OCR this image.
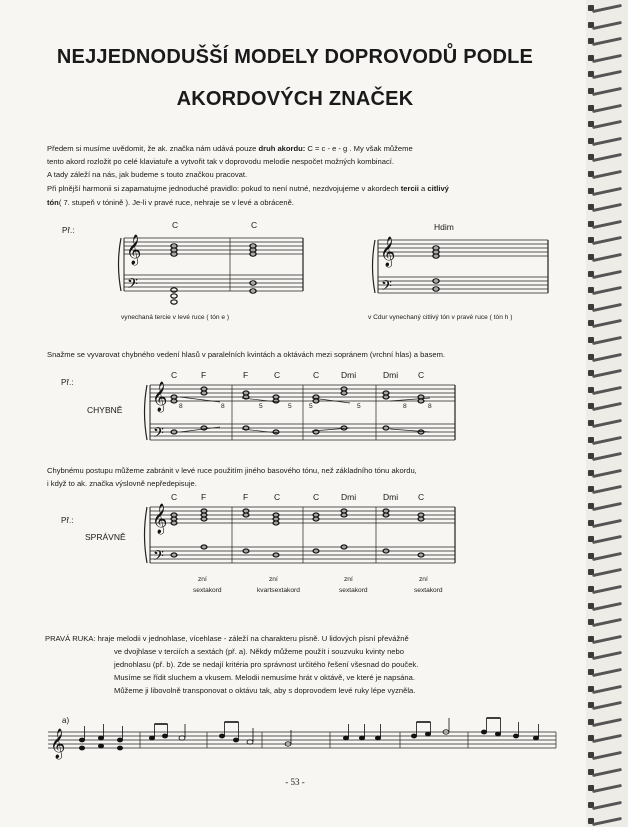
NEJJEDNODUŠŠÍ MODELY DOPROVODŮ PODLE
AKORDOVÝCH ZNAČEK
Předem si musíme uvědomit, že ak. značka nám udává pouze druh akordu: C = c - e - g . My však můžeme
tento akord rozložit po celé klaviatuře a vytvořit tak v doprovodu melodie nespočet možných kombinací.
A tady záleží na nás, jak budeme s touto značkou pracovat.
Při plnější harmonii si zapamatujme jednoduché pravidlo: pokud to není nutné, nezdvojujeme v akordech tercii a citlivý
tón( 7. stupeň v tónině ). Je-li v pravé ruce, nehraje se v levé a obráceně.
Př.:
C	C	Hdim
vynechaná tercie v levé ruce ( tón e )	v Cdur vynechaný citlivý tón v pravé ruce ( tón h )
Snažme se vyvarovat chybného vedení hlasů v paralelních kvintách a oktávách mezi sopránem (vrchní hlas) a basem.
Př.:
CHYBNĚ
C	F	F	C	C	Dmi	Dmi C
8	8	5	5	5	5	8	8
Chybnému postupu můžeme zabránit v levé ruce použitím jiného basového tónu, než základního tónu akordu,
i když to ak. značka výslovně nepředepisuje.
Př.:
SPRÁVNĚ
C	F	F	C	C	Dmi	Dmi C
zní
sextakord
zní
kvartsextakord
zní
sextakord
zní
sextakord
PRAVÁ RUKA: hraje melodii v jednohlase, vícehlase - záleží na charakteru písně. U lidových písní převážně
ve dvojhlase v terciích a sextách (př. a). Někdy můžeme použít i souzvuku kvinty nebo
jednohlasu (př. b). Zde se nedají kritéria pro správnost určitého řešení všesnad do pouček.
Musíme se řídit sluchem a vkusem. Melodii nemusíme hrát v oktávě, ve které je napsána.
Můžeme ji libovolně transponovat o oktávu tak, aby s doprovodem levé ruky lépe vyzněla.
a)
- 53 -
𝄞
𝄢
𝄞
𝄢
𝄞
𝄢
𝄞
𝄢
𝄞
